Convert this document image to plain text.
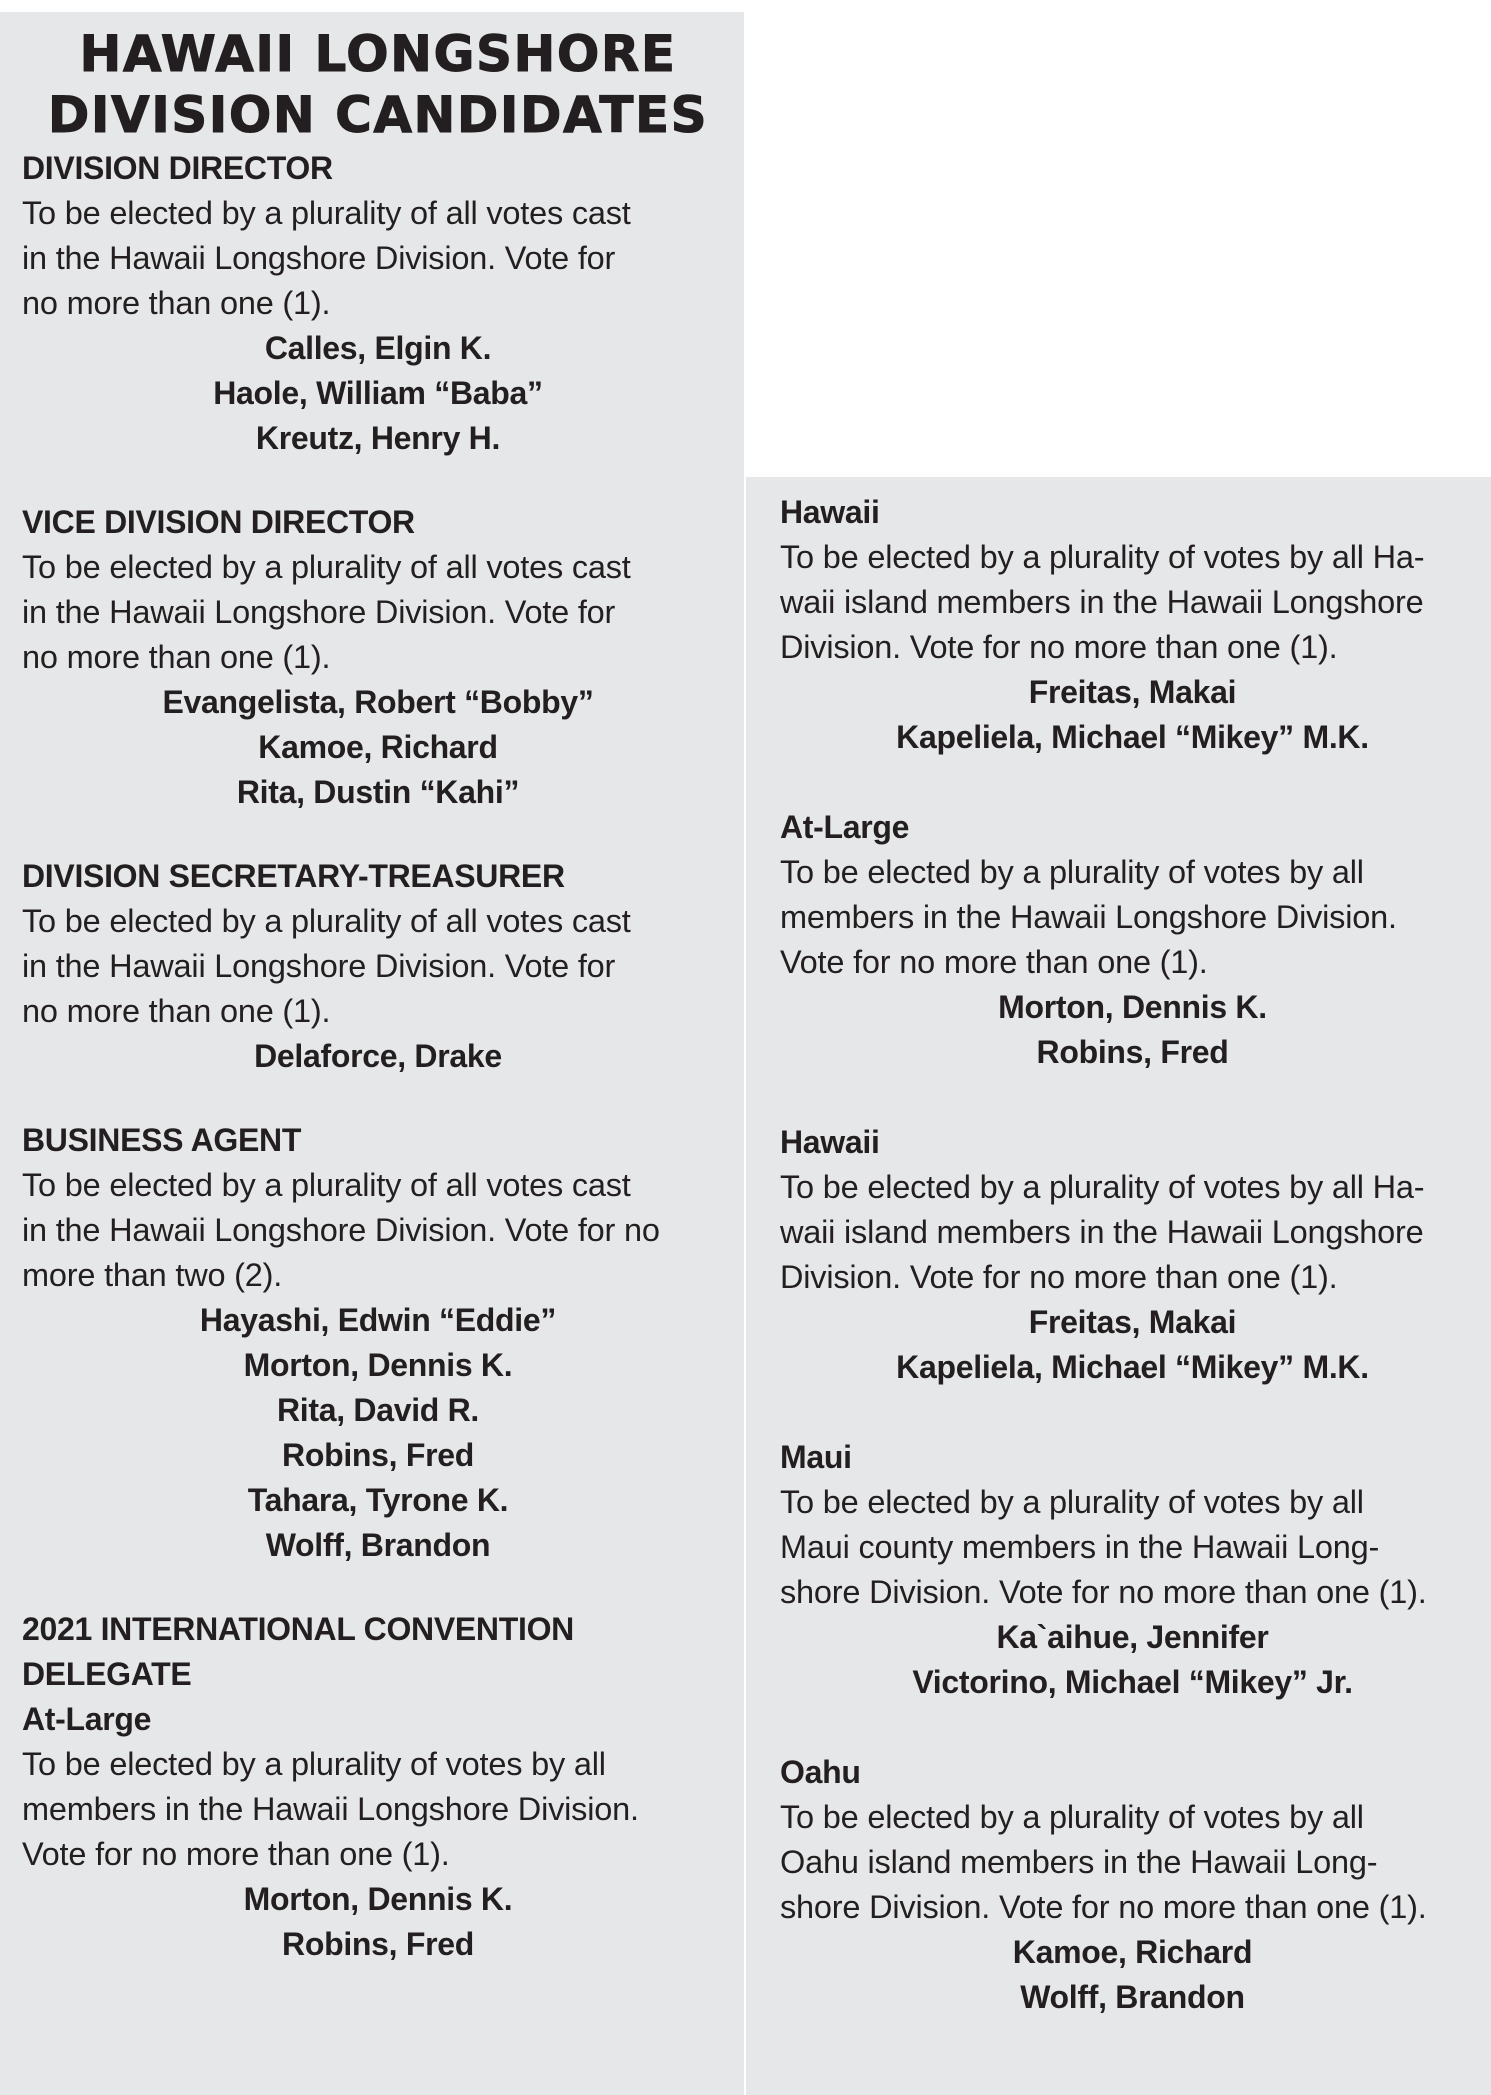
HAWAII LONGSHORE
DIVISION CANDIDATES
DIVISION DIRECTOR
To be elected by a plurality of all votes cast
in the Hawaii Longshore Division. Vote for
no more than one (1).
Calles, Elgin K.
Haole, William “Baba”
Kreutz, Henry H.
VICE DIVISION DIRECTOR
To be elected by a plurality of all votes cast
in the Hawaii Longshore Division. Vote for
no more than one (1).
Evangelista, Robert “Bobby”
Kamoe, Richard
Rita, Dustin “Kahi”
DIVISION SECRETARY-TREASURER
To be elected by a plurality of all votes cast
in the Hawaii Longshore Division. Vote for
no more than one (1).
Delaforce, Drake
BUSINESS AGENT
To be elected by a plurality of all votes cast
in the Hawaii Longshore Division. Vote for no
more than two (2).
Hayashi, Edwin “Eddie”
Morton, Dennis K.
Rita, David R.
Robins, Fred
Tahara, Tyrone K.
Wolff, Brandon
2021 INTERNATIONAL CONVENTION
DELEGATE
At-Large
To be elected by a plurality of votes by all
members in the Hawaii Longshore Division.
Vote for no more than one (1).
Morton, Dennis K.
Robins, Fred
Hawaii
To be elected by a plurality of votes by all Ha-
waii island members in the Hawaii Longshore
Division. Vote for no more than one (1).
Freitas, Makai
Kapeliela, Michael “Mikey” M.K.
At-Large
To be elected by a plurality of votes by all
members in the Hawaii Longshore Division.
Vote for no more than one (1).
Morton, Dennis K.
Robins, Fred
Hawaii
To be elected by a plurality of votes by all Ha-
waii island members in the Hawaii Longshore
Division. Vote for no more than one (1).
Freitas, Makai
Kapeliela, Michael “Mikey” M.K.
Maui
To be elected by a plurality of votes by all
Maui county members in the Hawaii Long-
shore Division. Vote for no more than one (1).
Ka`aihue, Jennifer
Victorino, Michael “Mikey” Jr.
Oahu
To be elected by a plurality of votes by all
Oahu island members in the Hawaii Long-
shore Division. Vote for no more than one (1).
Kamoe, Richard
Wolff, Brandon
